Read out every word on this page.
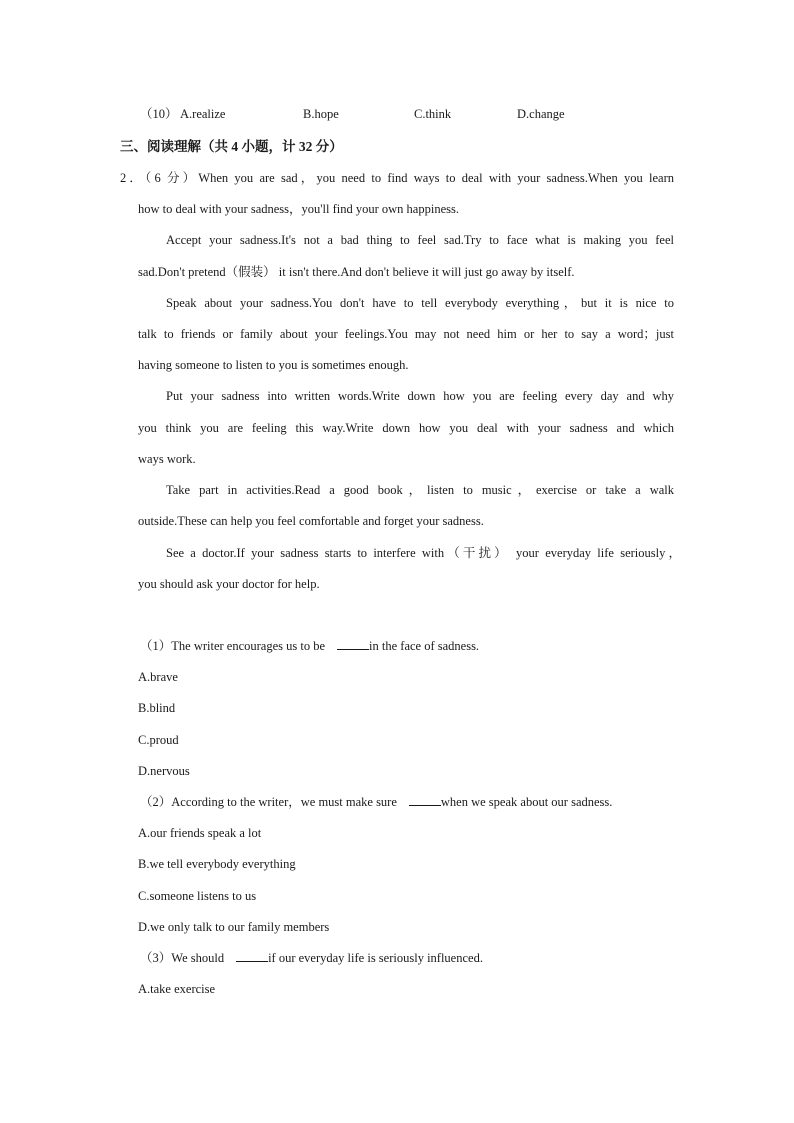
（10） A.realize	B.hope	C.think	D.change
三、阅读理解（共 4 小题，计 32 分）
2．（6 分）When you are sad，you need to find ways to deal with your sadness.When you learn
how to deal with your sadness，you'll find your own happiness.
Accept your sadness.It's not a bad thing to feel sad.Try to face what is making you feel
sad.Don't pretend（假装） it isn't there.And don't believe it will just go away by itself.
Speak about your sadness.You don't have to tell everybody everything，but it is nice to
talk to friends or family about your feelings.You may not need him or her to say a word；just
having someone to listen to you is sometimes enough.
Put your sadness into written words.Write down how you are feeling every day and why
you think you are feeling this way.Write down how you deal with your sadness and which
ways work.
Take part in activities.Read a good book，listen to music，exercise or take a walk
outside.These can help you feel comfortable and forget your sadness.
See a doctor.If your sadness starts to interfere with（干扰） your everyday life seriously，
you should ask your doctor for help.
（1）The writer encourages us to be	in the face of sadness.
A.brave
B.blind
C.proud
D.nervous
（2）According to the writer，we must make sure	when we speak about our sadness.
A.our friends speak a lot
B.we tell everybody everything
C.someone listens to us
D.we only talk to our family members
（3）We should	if our everyday life is seriously influenced.
A.take exercise
